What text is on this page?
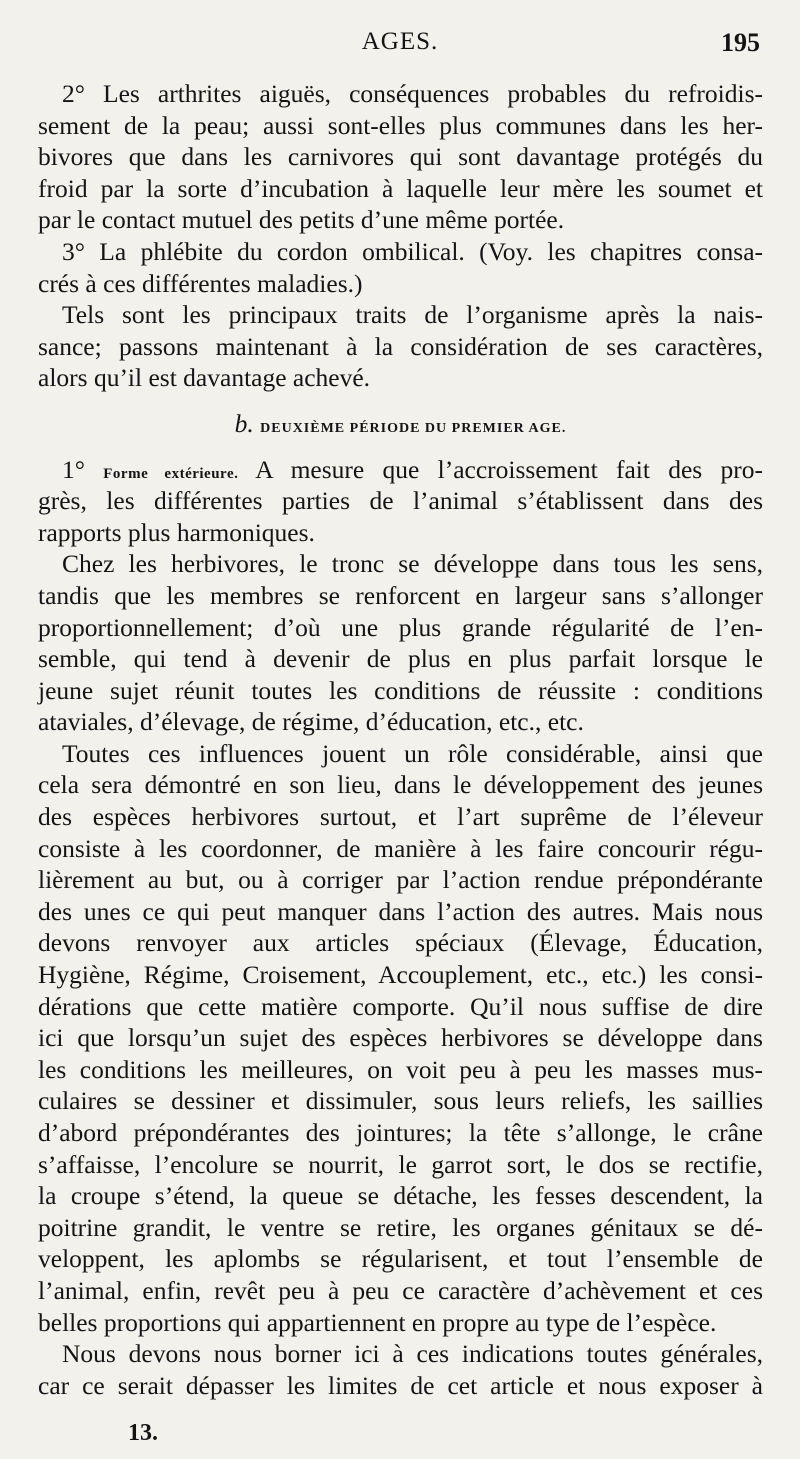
AGES.	195
2° Les arthrites aiguës, conséquences probables du refroidis-
sement de la peau; aussi sont-elles plus communes dans les her-
bivores que dans les carnivores qui sont davantage protégés du
froid par la sorte d’incubation à laquelle leur mère les soumet et
par le contact mutuel des petits d’une même portée.
3° La phlébite du cordon ombilical. (Voy. les chapitres consa-
crés à ces différentes maladies.)
Tels sont les principaux traits de l’organisme après la nais-
sance; passons maintenant à la considération de ses caractères,
alors qu’il est davantage achevé.
b. DEUXIÈME PÉRIODE DU PREMIER AGE.
1° Forme extérieure. A mesure que l’accroissement fait des pro-
grès, les différentes parties de l’animal s’établissent dans des
rapports plus harmoniques.
Chez les herbivores, le tronc se développe dans tous les sens,
tandis que les membres se renforcent en largeur sans s’allonger
proportionnellement; d’où une plus grande régularité de l’en-
semble, qui tend à devenir de plus en plus parfait lorsque le
jeune sujet réunit toutes les conditions de réussite : conditions
ataviales, d’élevage, de régime, d’éducation, etc., etc.
Toutes ces influences jouent un rôle considérable, ainsi que
cela sera démontré en son lieu, dans le développement des jeunes
des espèces herbivores surtout, et l’art suprême de l’éleveur
consiste à les coordonner, de manière à les faire concourir régu-
lièrement au but, ou à corriger par l’action rendue prépondérante
des unes ce qui peut manquer dans l’action des autres. Mais nous
devons renvoyer aux articles spéciaux (Élevage, Éducation,
Hygiène, Régime, Croisement, Accouplement, etc., etc.) les consi-
dérations que cette matière comporte. Qu’il nous suffise de dire
ici que lorsqu’un sujet des espèces herbivores se développe dans
les conditions les meilleures, on voit peu à peu les masses mus-
culaires se dessiner et dissimuler, sous leurs reliefs, les saillies
d’abord prépondérantes des jointures; la tête s’allonge, le crâne
s’affaisse, l’encolure se nourrit, le garrot sort, le dos se rectifie,
la croupe s’étend, la queue se détache, les fesses descendent, la
poitrine grandit, le ventre se retire, les organes génitaux se dé-
veloppent, les aplombs se régularisent, et tout l’ensemble de
l’animal, enfin, revêt peu à peu ce caractère d’achèvement et ces
belles proportions qui appartiennent en propre au type de l’espèce.
Nous devons nous borner ici à ces indications toutes générales,
car ce serait dépasser les limites de cet article et nous exposer à
13.
